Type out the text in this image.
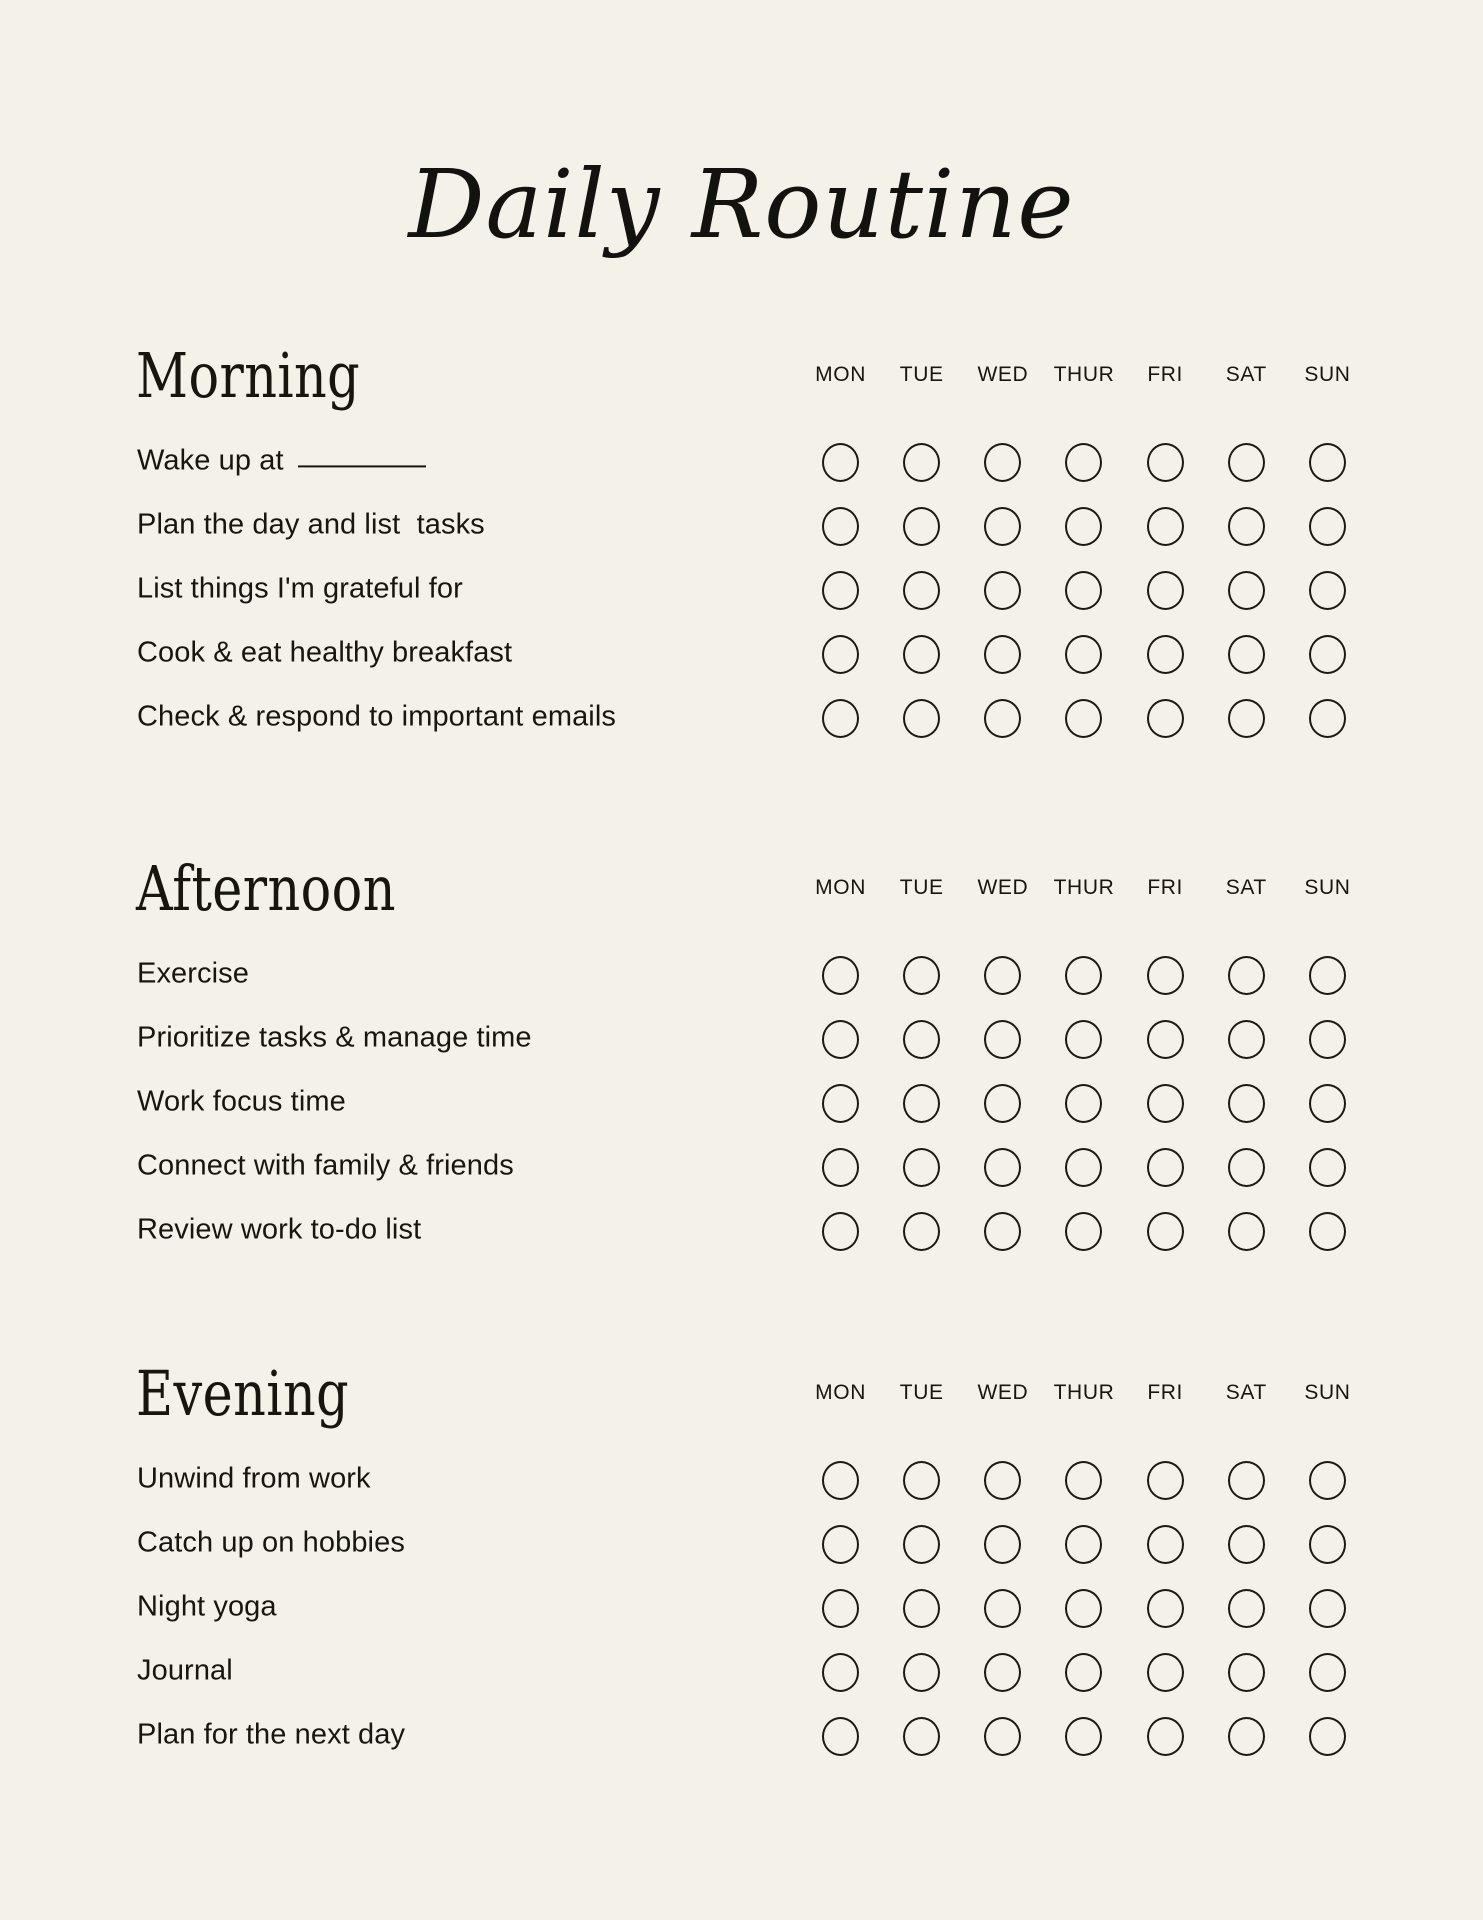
Daily Routine
Morning	MON	TUE	WED	THUR	FRI	SAT	SUN
Wake up at
Plan the day and list  tasks
List things I'm grateful for
Cook & eat healthy breakfast
Check & respond to important emails
Afternoon	MON	TUE	WED	THUR	FRI	SAT	SUN
Exercise
Prioritize tasks & manage time
Work focus time
Connect with family & friends
Review work to-do list
Evening	MON	TUE	WED	THUR	FRI	SAT	SUN
Unwind from work
Catch up on hobbies
Night yoga
Journal
Plan for the next day
